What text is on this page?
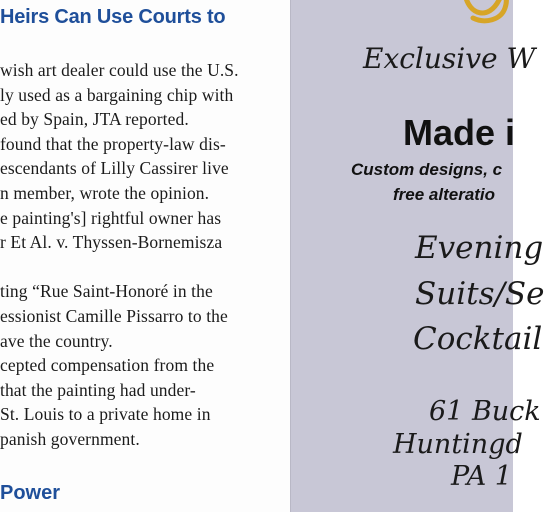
Heirs Can Use Courts to
wish art dealer could use the U.S.
ly used as a bargaining chip with
ed by Spain, JTA reported.
found that the property-law dis-
escendants of Lilly Cassirer live
n member, wrote the opinion.
e painting's] rightful owner has
r Et Al. v. Thyssen-Bornemisza

ting “Rue Saint-Honoré in the
essionist Camille Pissarro to the
ave the country.
cepted compensation from the
that the painting had under-
St. Louis to a private home in
panish government.
Power
Exclusive W
Made i
Custom designs, c
free alteratio
Evening
Suits/Se
Cocktail
61 Buck
Huntingd
PA 1
